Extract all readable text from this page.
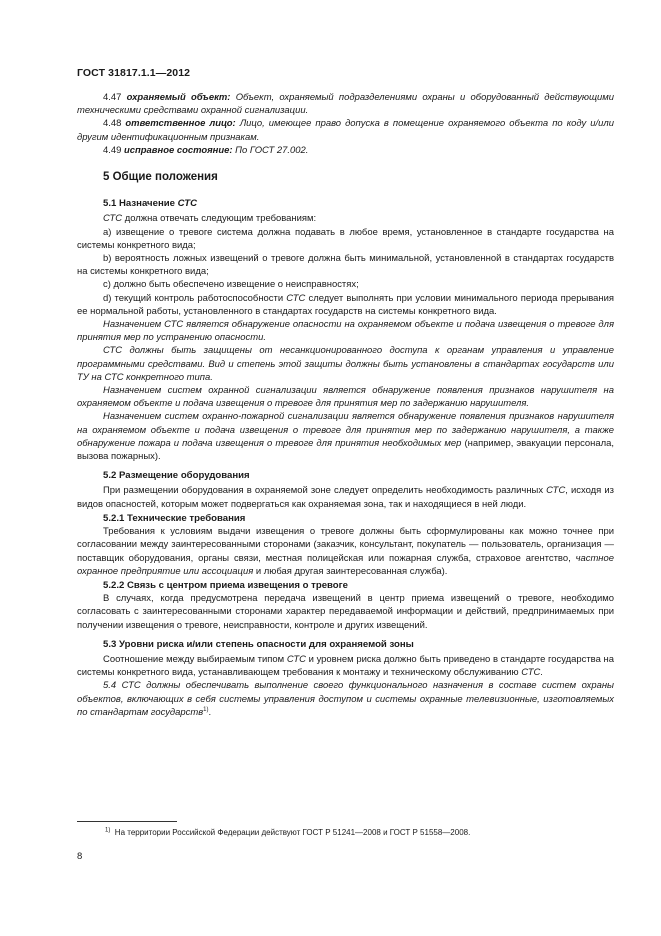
ГОСТ 31817.1.1—2012

4.47 охраняемый объект: Объект, охраняемый подразделениями охраны и оборудованный действующими техническими средствами охранной сигнализации.

4.48 ответственное лицо: Лицо, имеющее право допуска в помещение охраняемого объекта по коду и/или другим идентификационным признакам.

4.49 исправное состояние: По ГОСТ 27.002.

5 Общие положения
5.1 Назначение СТС

СТС должна отвечать следующим требованиям:

а) извещение о тревоге система должна подавать в любое время, установленное в стандарте государства на системы конкретного вида;

b) вероятность ложных извещений о тревоге должна быть минимальной, установленной в стандартах государств на системы конкретного вида;

с) должно быть обеспечено извещение о неисправностях;

d) текущий контроль работоспособности СТС следует выполнять при условии минимального периода прерывания ее нормальной работы, установленного в стандартах государств на системы конкретного вида.

Назначением СТС является обнаружение опасности на охраняемом объекте и подача извещения о тревоге для принятия мер по устранению опасности.

СТС должны быть защищены от несанкционированного доступа к органам управления и управление программными средствами. Вид и степень этой защиты должны быть установлены в стандартах государств или ТУ на СТС конкретного типа.

Назначением систем охранной сигнализации является обнаружение появления признаков нарушителя на охраняемом объекте и подача извещения о тревоге для принятия мер по задержанию нарушителя.

Назначением систем охранно-пожарной сигнализации является обнаружение появления признаков нарушителя на охраняемом объекте и подача извещения о тревоге для принятия мер по задержанию нарушителя, а также обнаружение пожара и подача извещения о тревоге для принятия необходимых мер (например, эвакуации персонала, вызова пожарных).

5.2 Размещение оборудования

При размещении оборудования в охраняемой зоне следует определить необходимость различных СТС, исходя из видов опасностей, которым может подвергаться как охраняемая зона, так и находящиеся в ней люди.

5.2.1 Технические требования

Требования к условиям выдачи извещения о тревоге должны быть сформулированы как можно точнее при согласовании между заинтересованными сторонами (заказчик, консультант, покупатель — пользователь, организация — поставщик оборудования, органы связи, местная полицейская или пожарная служба, страховое агентство, частное охранное предприятие или ассоциация и любая другая заинтересованная служба).

5.2.2 Связь с центром приема извещения о тревоге

В случаях, когда предусмотрена передача извещений в центр приема извещений о тревоге, необходимо согласовать с заинтересованными сторонами характер передаваемой информации и действий, предпринимаемых при получении извещения о тревоге, неисправности, контроле и других извещений.

5.3 Уровни риска и/или степень опасности для охраняемой зоны

Соотношение между выбираемым типом СТС и уровнем риска должно быть приведено в стандарте государства на системы конкретного вида, устанавливающем требования к монтажу и техническому обслуживанию СТС.

5.4 СТС должны обеспечивать выполнение своего функционального назначения в составе систем охраны объектов, включающих в себя системы управления доступом и системы охранные телевизионные, изготовляемых по стандартам государств$^{1)}$.

$^{1)}$ На территории Российской Федерации действуют ГОСТ Р 51241—2008 и ГОСТ Р 51558—2008.
8
